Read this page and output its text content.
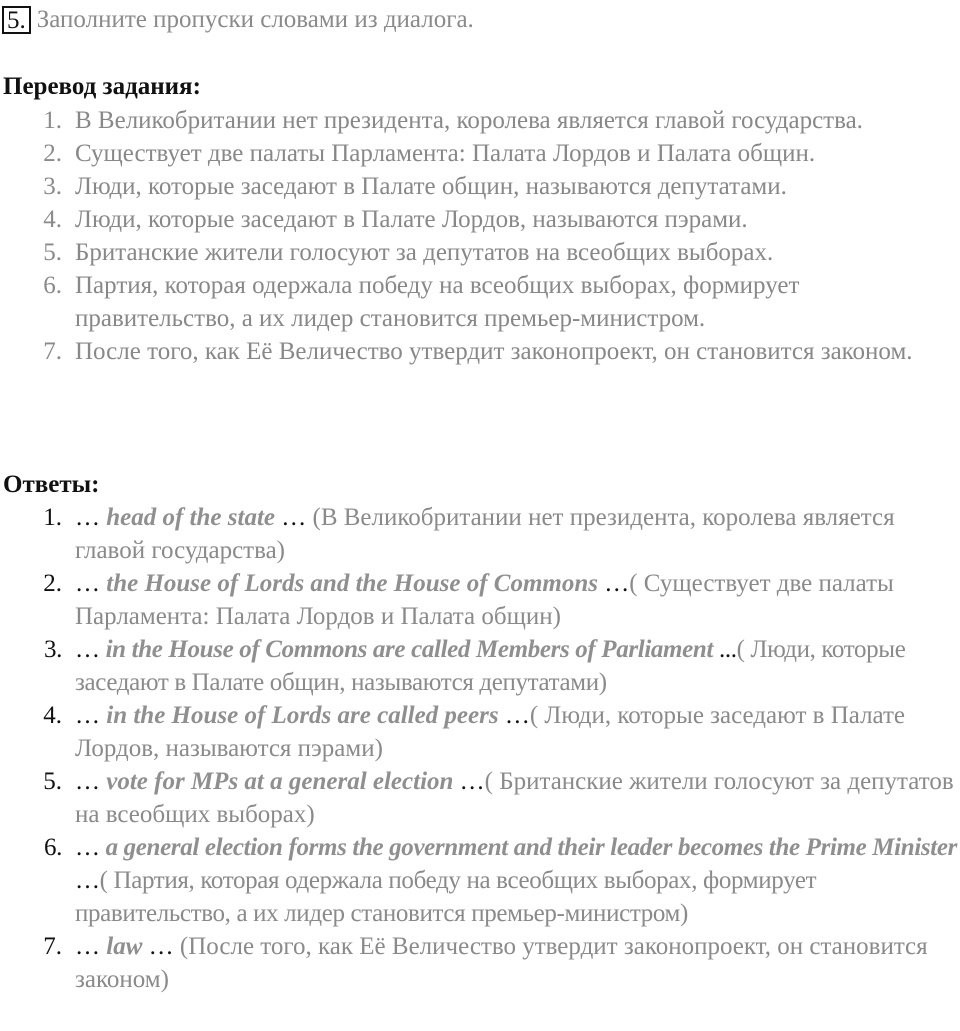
5. Заполните пропуски словами из диалога.
Перевод задания:
1. В Великобритании нет президента, королева является главой государства.
2. Существует две палаты Парламента: Палата Лордов и Палата общин.
3. Люди, которые заседают в Палате общин, называются депутатами.
4. Люди, которые заседают в Палате Лордов, называются пэрами.
5. Британские жители голосуют за депутатов на всеобщих выборах.
6. Партия, которая одержала победу на всеобщих выборах, формирует правительство, а их лидер становится премьер-министром.
7. После того, как Её Величество утвердит законопроект, он становится законом.
Ответы:
1. … head of the state … (В Великобритании нет президента, королева является главой государства)
2. … the House of Lords and the House of Commons …( Существует две палаты Парламента: Палата Лордов и Палата общин)
3. … in the House of Commons are called Members of Parliament ...( Люди, которые заседают в Палате общин, называются депутатами)
4. … in the House of Lords are called peers …( Люди, которые заседают в Палате Лордов, называются пэрами)
5. … vote for MPs at a general election …( Британские жители голосуют за депутатов на всеобщих выборах)
6. … a general election forms the government and their leader becomes the Prime Minister …( Партия, которая одержала победу на всеобщих выборах, формирует правительство, а их лидер становится премьер-министром)
7. … law … (После того, как Её Величество утвердит законопроект, он становится законом)
